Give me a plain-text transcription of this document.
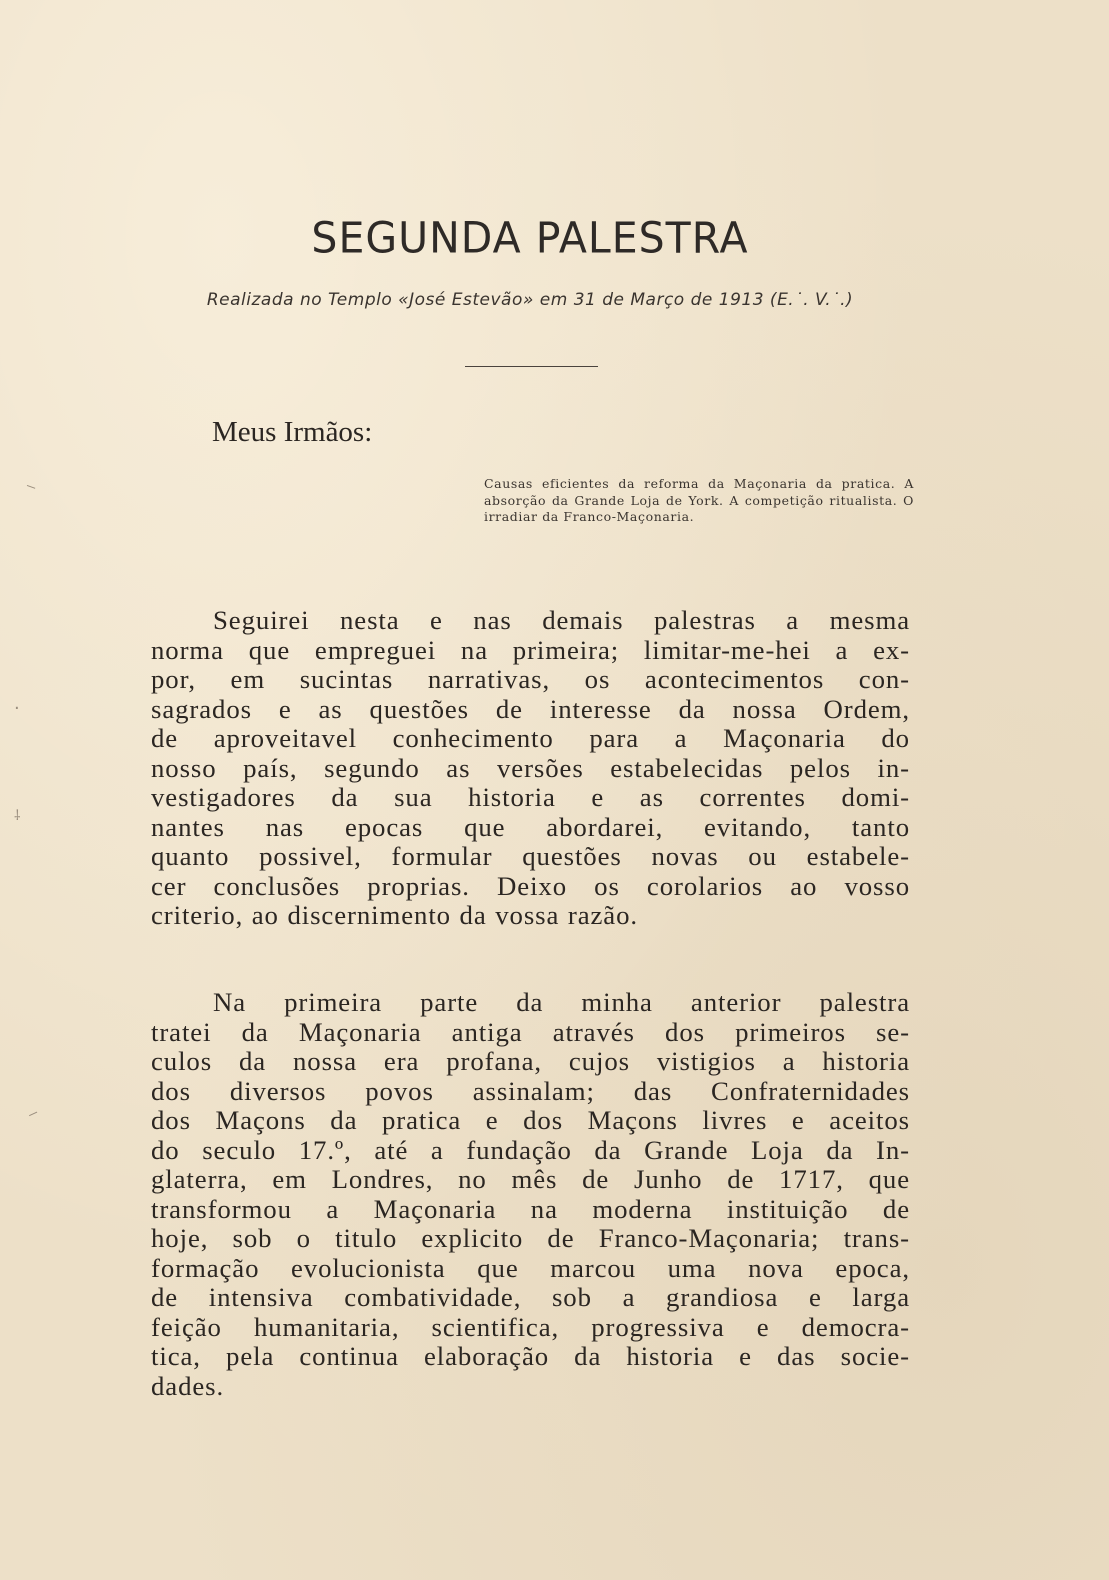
SEGUNDA PALESTRA

Realizada no Templo «José Estevão» em 31 de Março de 1913 (E.˙. V.˙.)

Meus Irmãos:

Causas eficientes da reforma da Maçonaria da pratica. A absorção da Grande Loja de York. A competição ritualista. O irradiar da Franco-Maçonaria.

Seguirei nesta e nas demais palestras a mesma
norma que empreguei na primeira; limitar-me-hei a ex-
por, em sucintas narrativas, os acontecimentos con-
sagrados e as questões de interesse da nossa Ordem,
de aproveitavel conhecimento para a Maçonaria do
nosso país, segundo as versões estabelecidas pelos in-
vestigadores da sua historia e as correntes domi-
nantes nas epocas que abordarei, evitando, tanto
quanto possivel, formular questões novas ou estabele-
cer conclusões proprias. Deixo os corolarios ao vosso
criterio, ao discernimento da vossa razão.
Na primeira parte da minha anterior palestra
tratei da Maçonaria antiga através dos primeiros se-
culos da nossa era profana, cujos vistigios a historia
dos diversos povos assinalam; das Confraternidades
dos Maçons da pratica e dos Maçons livres e aceitos
do seculo 17.º, até a fundação da Grande Loja da In-
glaterra, em Londres, no mês de Junho de 1717, que
transformou a Maçonaria na moderna instituição de
hoje, sob o titulo explicito de Franco-Maçonaria; trans-
formação evolucionista que marcou uma nova epoca,
de intensiva combatividade, sob a grandiosa e larga
feição humanitaria, scientifica, progressiva e democra-
tica, pela continua elaboração da historia e das socie-
dades.
⸌
·
⸸
⸝
